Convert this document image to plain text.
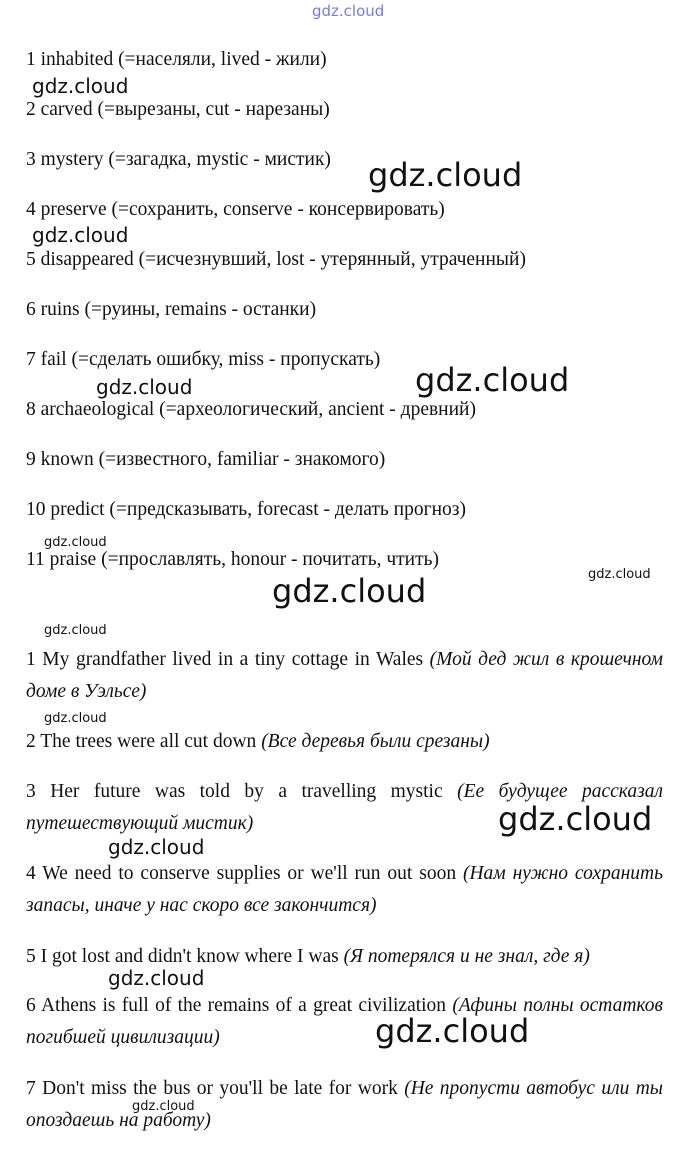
gdz.cloud
1 inhabited (=населяли, lived - жили)
2 carved (=вырезаны, cut - нарезаны)
3 mystery (=загадка, mystic - мистик)
4 preserve (=сохранить, conserve - консервировать)
5 disappeared (=исчезнувший, lost - утерянный, утраченный)
6 ruins (=руины, remains - останки)
7 fail (=сделать ошибку, miss - пропускать)
8 archaeological (=археологический, ancient - древний)
9 known (=известного, familiar - знакомого)
10 predict (=предсказывать, forecast - делать прогноз)
11 praise (=прославлять, honour - почитать, чтить)
1 My grandfather lived in a tiny cottage in Wales (Мой дед жил в крошечном доме в Уэльсе)
2 The trees were all cut down (Все деревья были срезаны)
3 Her future was told by a travelling mystic (Ее будущее рассказал путешествующий мистик)
4 We need to conserve supplies or we'll run out soon (Нам нужно сохранить запасы, иначе у нас скоро все закончится)
5 I got lost and didn't know where I was (Я потерялся и не знал, где я)
6 Athens is full of the remains of a great civilization (Афины полны остатков погибшей цивилизации)
7 Don't miss the bus or you'll be late for work (Не пропусти автобус или ты опоздаешь на работу)
gdz.cloud
gdz.cloud
gdz.cloud
gdz.cloud	gdz.cloud
gdz.cloud
gdz.cloud
gdz.cloud
gdz.cloud
gdz.cloud
gdz.cloud
gdz.cloud
gdz.cloud
gdz.cloud
gdz.cloud
